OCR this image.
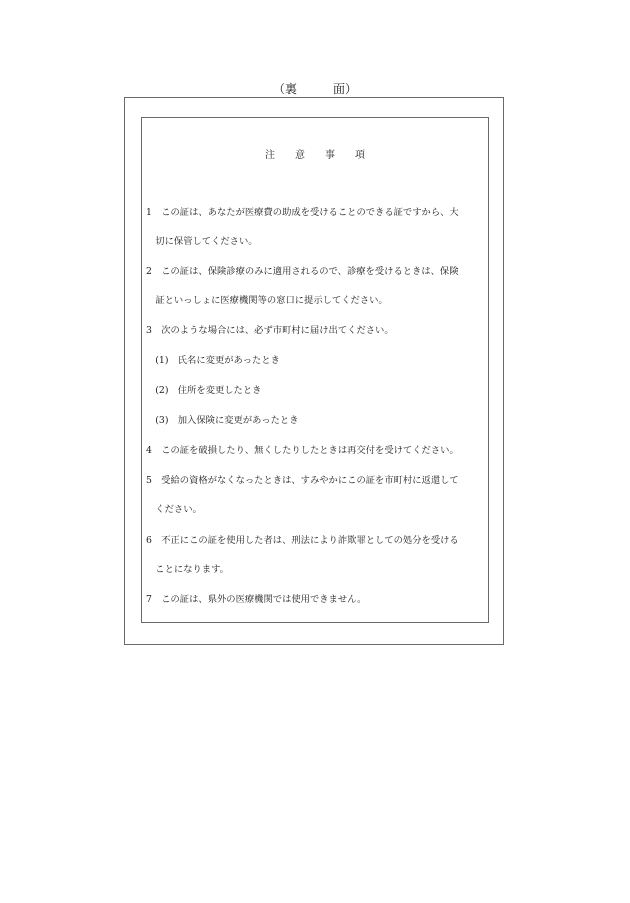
（裏　　　面）
注　　意　　事　　項
1　この証は、あなたが医療費の助成を受けることのできる証ですから、大
　切に保管してください。
2　この証は、保険診療のみに適用されるので、診療を受けるときは、保険
　証といっしょに医療機関等の窓口に提示してください。
3　次のような場合には、必ず市町村に届け出てください。
　(1)　氏名に変更があったとき
　(2)　住所を変更したとき
　(3)　加入保険に変更があったとき
4　この証を破損したり、無くしたりしたときは再交付を受けてください。
5　受給の資格がなくなったときは、すみやかにこの証を市町村に返還して
　ください。
6　不正にこの証を使用した者は、刑法により詐欺罪としての処分を受ける
　ことになります。
7　この証は、県外の医療機関では使用できません。
